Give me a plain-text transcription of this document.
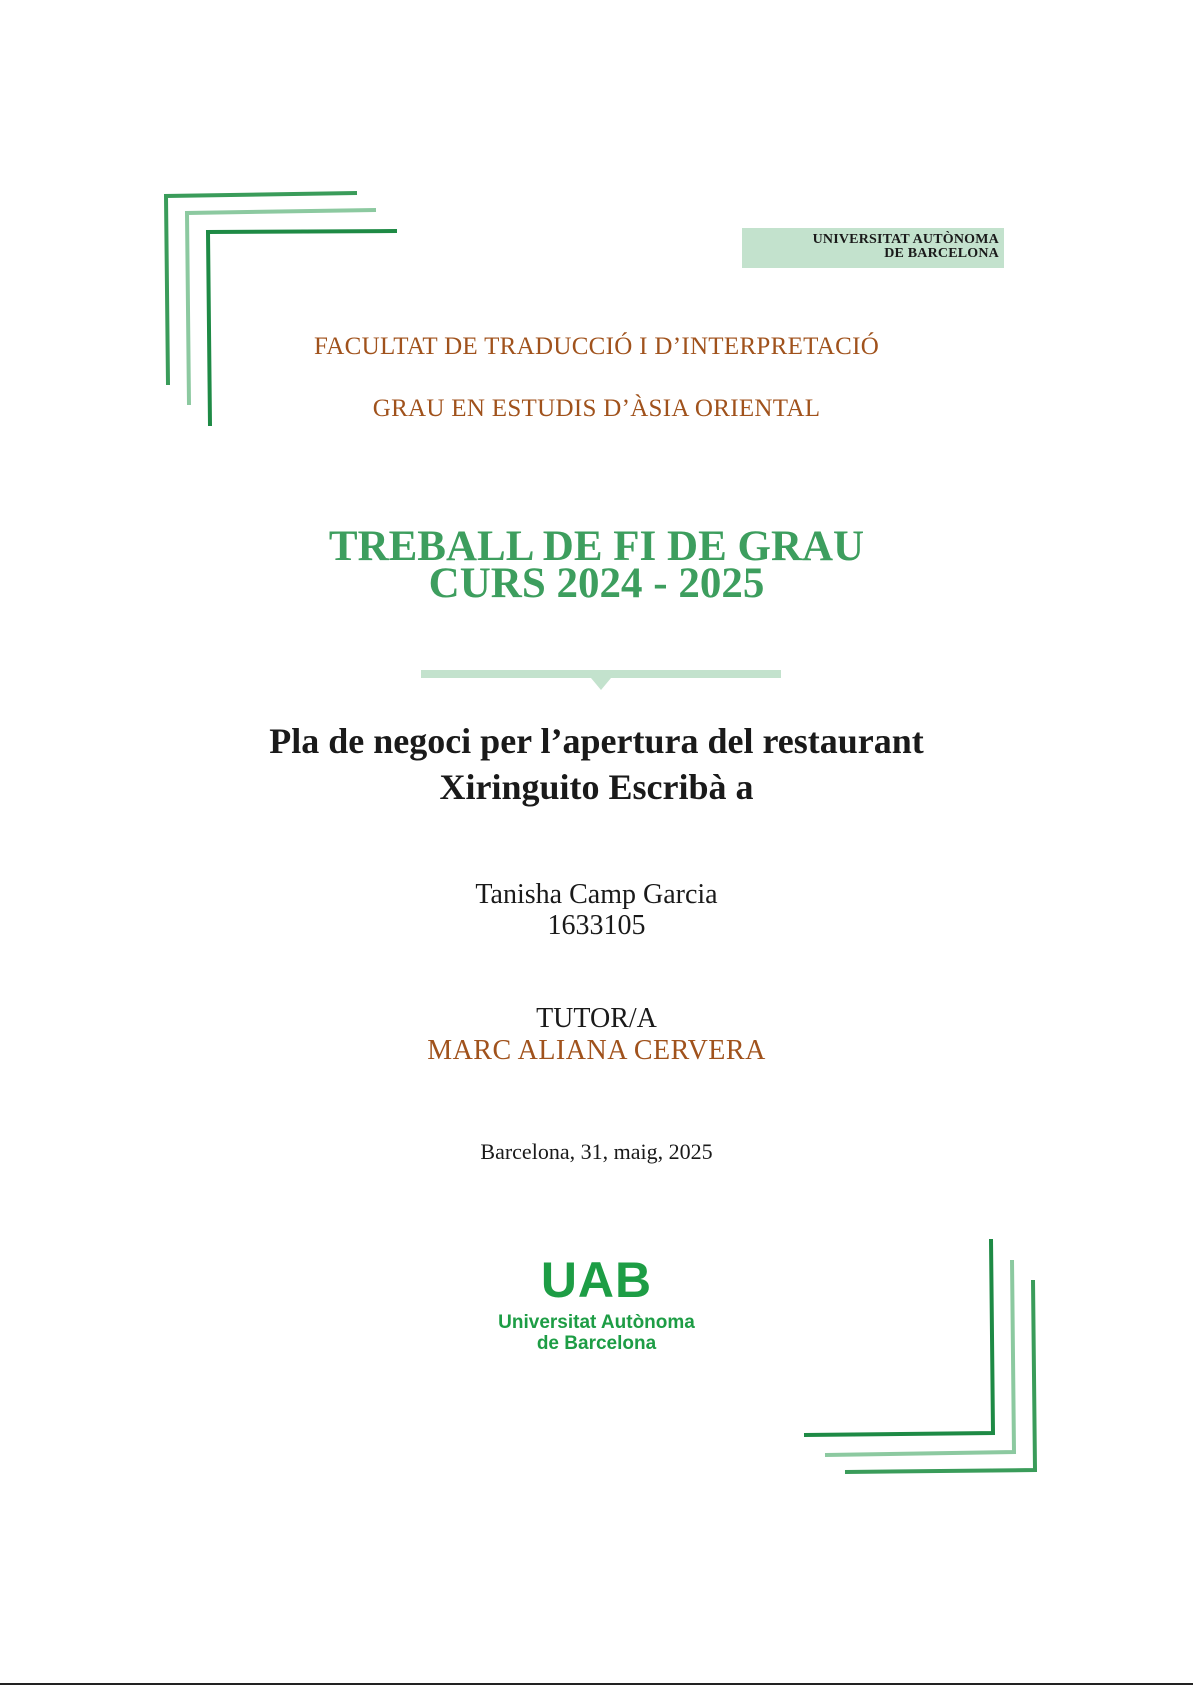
UNIVERSITAT AUTÒNOMA
DE BARCELONA

FACULTAT DE TRADUCCIÓ I D’INTERPRETACIÓ

GRAU EN ESTUDIS D’ÀSIA ORIENTAL

TREBALL DE FI DE GRAU
CURS 2024 - 2025
Pla de negoci per l’apertura del restaurant
Xiringuito Escribà a
Tanisha Camp Garcia
1633105

TUTOR/A

MARC ALIANA CERVERA

Barcelona, 31, maig, 2025

UAB
Universitat Autònoma
de Barcelona
